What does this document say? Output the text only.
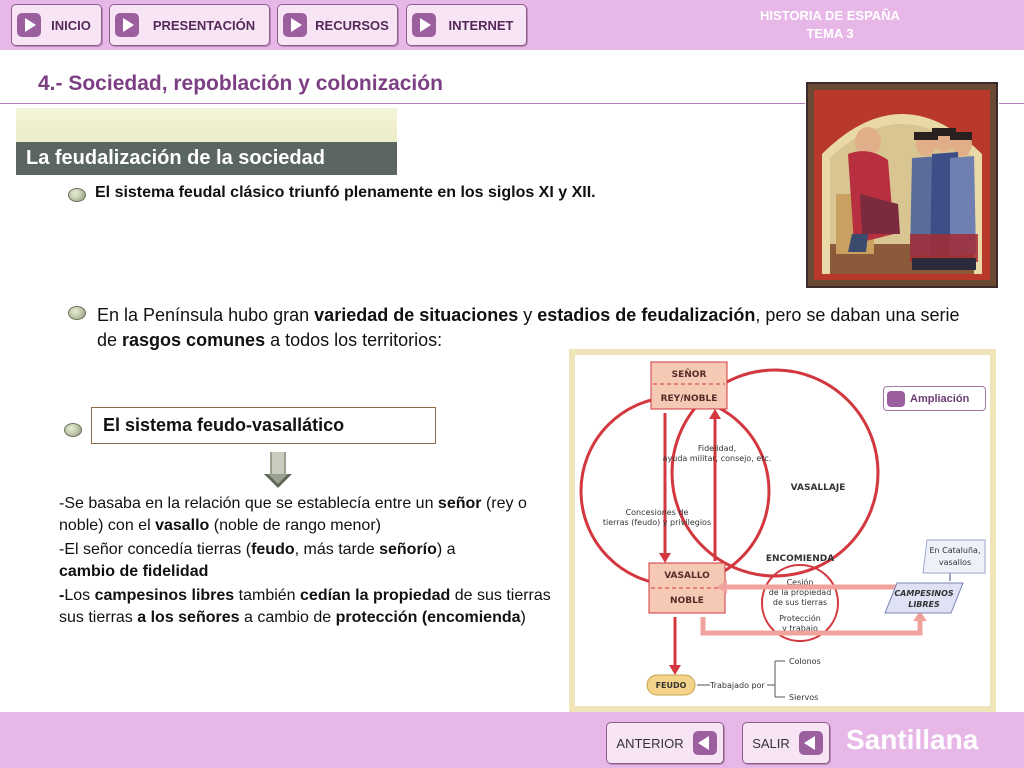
INICIO	PRESENTACIÓN	RECURSOS	INTERNET
HISTORIA DE ESPAÑA
TEMA 3
4.- Sociedad, repoblación y colonización
La feudalización de la sociedad
El sistema feudal clásico triunfó plenamente en los siglos XI y XII.
En la Península hubo gran variedad de situaciones y estadios de feudalización, pero se daban una serie de rasgos comunes a todos los territorios:
El sistema feudo-vasallático
-Se basaba en la relación que se establecía entre un señor (rey o noble) con el vasallo (noble de rango menor)
-El señor concedía tierras (feudo, más tarde señorío) a
cambio de fidelidad
-Los campesinos libres también cedían la propiedad de sus tierras
sus tierras a los señores a cambio de protección (encomienda)
SEÑOR
REY/NOBLE
Fidelidad,
ayuda militar, consejo, etc.
VASALLAJE
Concesiones de
tierras (feudo) y privilegios
VASALLO
NOBLE
ENCOMIENDA
Cesión
de la propiedad
de sus tierras
Protección
y trabajo
En Cataluña,
vasallos
CAMPESINOS
LIBRES
FEUDO	Trabajado por
Colonos
Siervos
Ampliación
ANTERIOR	SALIR	Santillana
